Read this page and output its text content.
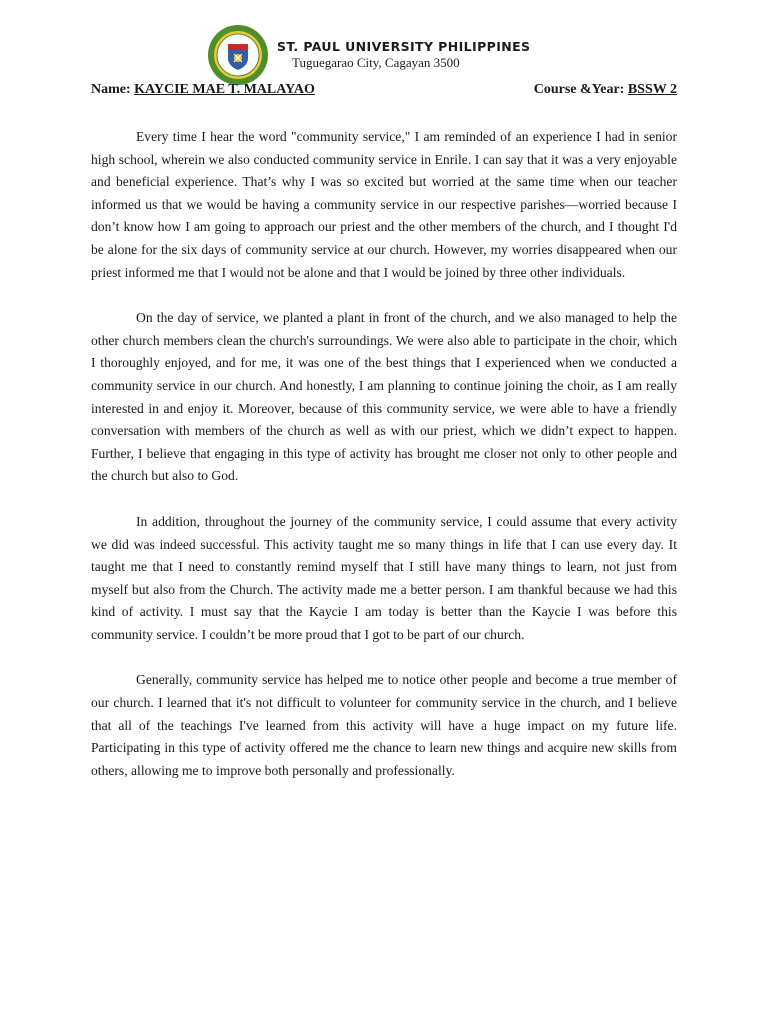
ST. PAUL UNIVERSITY PHILIPPINES
Tuguegarao City, Cagayan 3500
Name: KAYCIE MAE T. MALAYAO	Course &Year: BSSW 2

Every time I hear the word "community service," I am reminded of an experience I had in senior high school, wherein we also conducted community service in Enrile. I can say that it was a very enjoyable and beneficial experience. That’s why I was so excited but worried at the same time when our teacher informed us that we would be having a community service in our respective parishes—worried because I don’t know how I am going to approach our priest and the other members of the church, and I thought I'd be alone for the six days of community service at our church. However, my worries disappeared when our priest informed me that I would not be alone and that I would be joined by three other individuals.

On the day of service, we planted a plant in front of the church, and we also managed to help the other church members clean the church's surroundings. We were also able to participate in the choir, which I thoroughly enjoyed, and for me, it was one of the best things that I experienced when we conducted a community service in our church. And honestly, I am planning to continue joining the choir, as I am really interested in and enjoy it. Moreover, because of this community service, we were able to have a friendly conversation with members of the church as well as with our priest, which we didn’t expect to happen. Further, I believe that engaging in this type of activity has brought me closer not only to other people and the church but also to God.

In addition, throughout the journey of the community service, I could assume that every activity we did was indeed successful. This activity taught me so many things in life that I can use every day. It taught me that I need to constantly remind myself that I still have many things to learn, not just from myself but also from the Church. The activity made me a better person. I am thankful because we had this kind of activity. I must say that the Kaycie I am today is better than the Kaycie I was before this community service. I couldn’t be more proud that I got to be part of our church.

Generally, community service has helped me to notice other people and become a true member of our church. I learned that it's not difficult to volunteer for community service in the church, and I believe that all of the teachings I've learned from this activity will have a huge impact on my future life. Participating in this type of activity offered me the chance to learn new things and acquire new skills from others, allowing me to improve both personally and professionally.
